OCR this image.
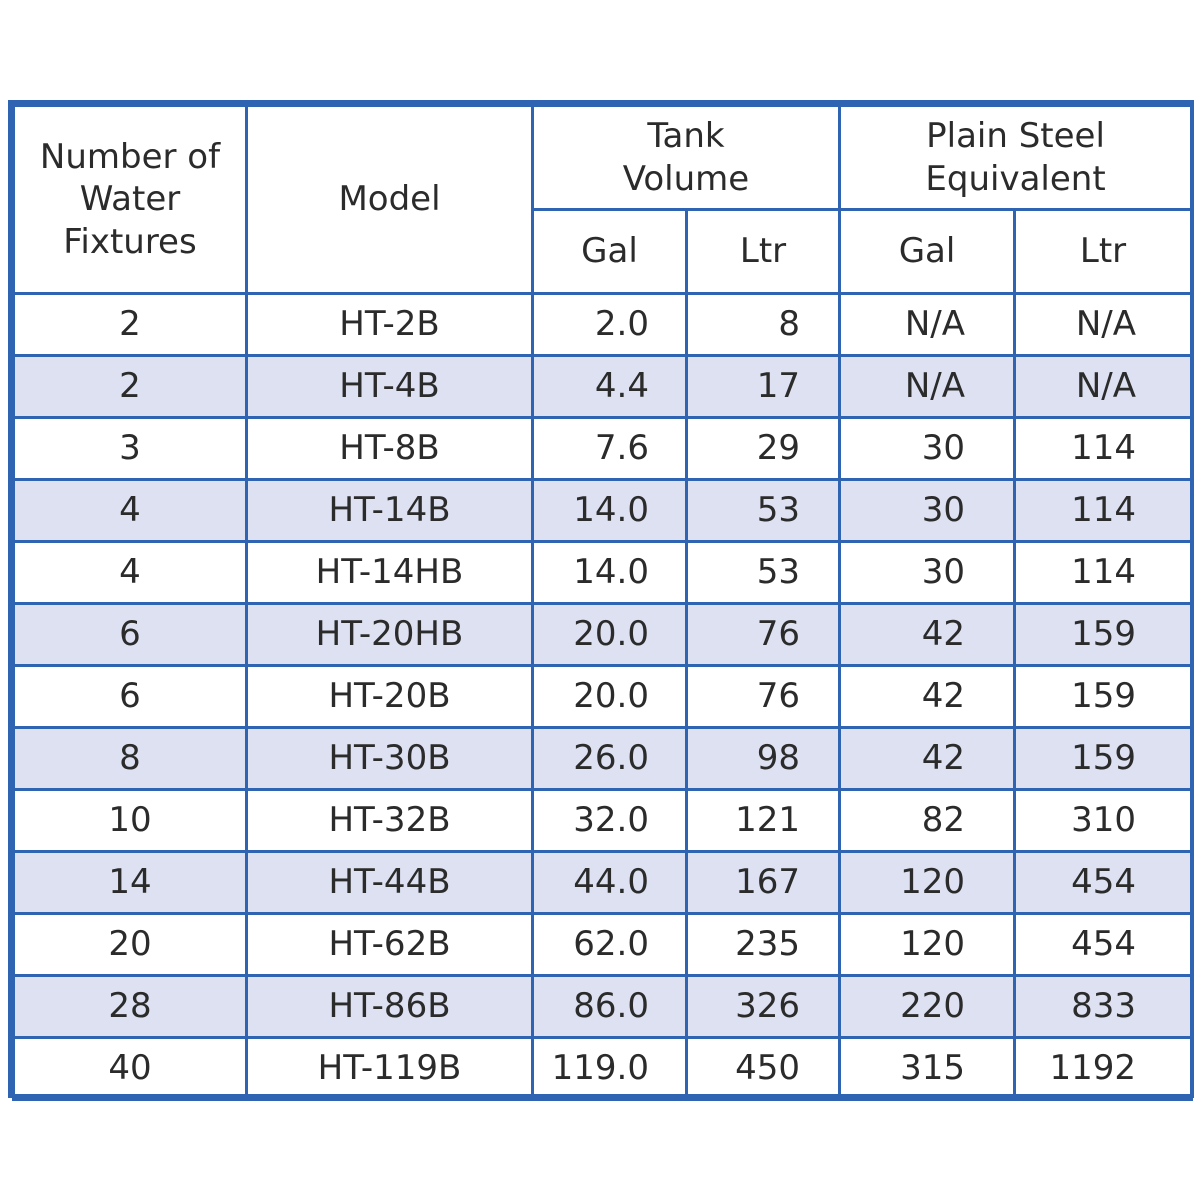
Number of Water Fixtures	Model	Tank Volume		Plain Steel Equivalent	
		Gal	Ltr	Gal	Ltr
2	HT-2B	2.0	8	N/A	N/A
2	HT-4B	4.4	17	N/A	N/A
3	HT-8B	7.6	29	30	114
4	HT-14B	14.0	53	30	114
4	HT-14HB	14.0	53	30	114
6	HT-20HB	20.0	76	42	159
6	HT-20B	20.0	76	42	159
8	HT-30B	26.0	98	42	159
10	HT-32B	32.0	121	82	310
14	HT-44B	44.0	167	120	454
20	HT-62B	62.0	235	120	454
28	HT-86B	86.0	326	220	833
40	HT-119B	119.0	450	315	1192
